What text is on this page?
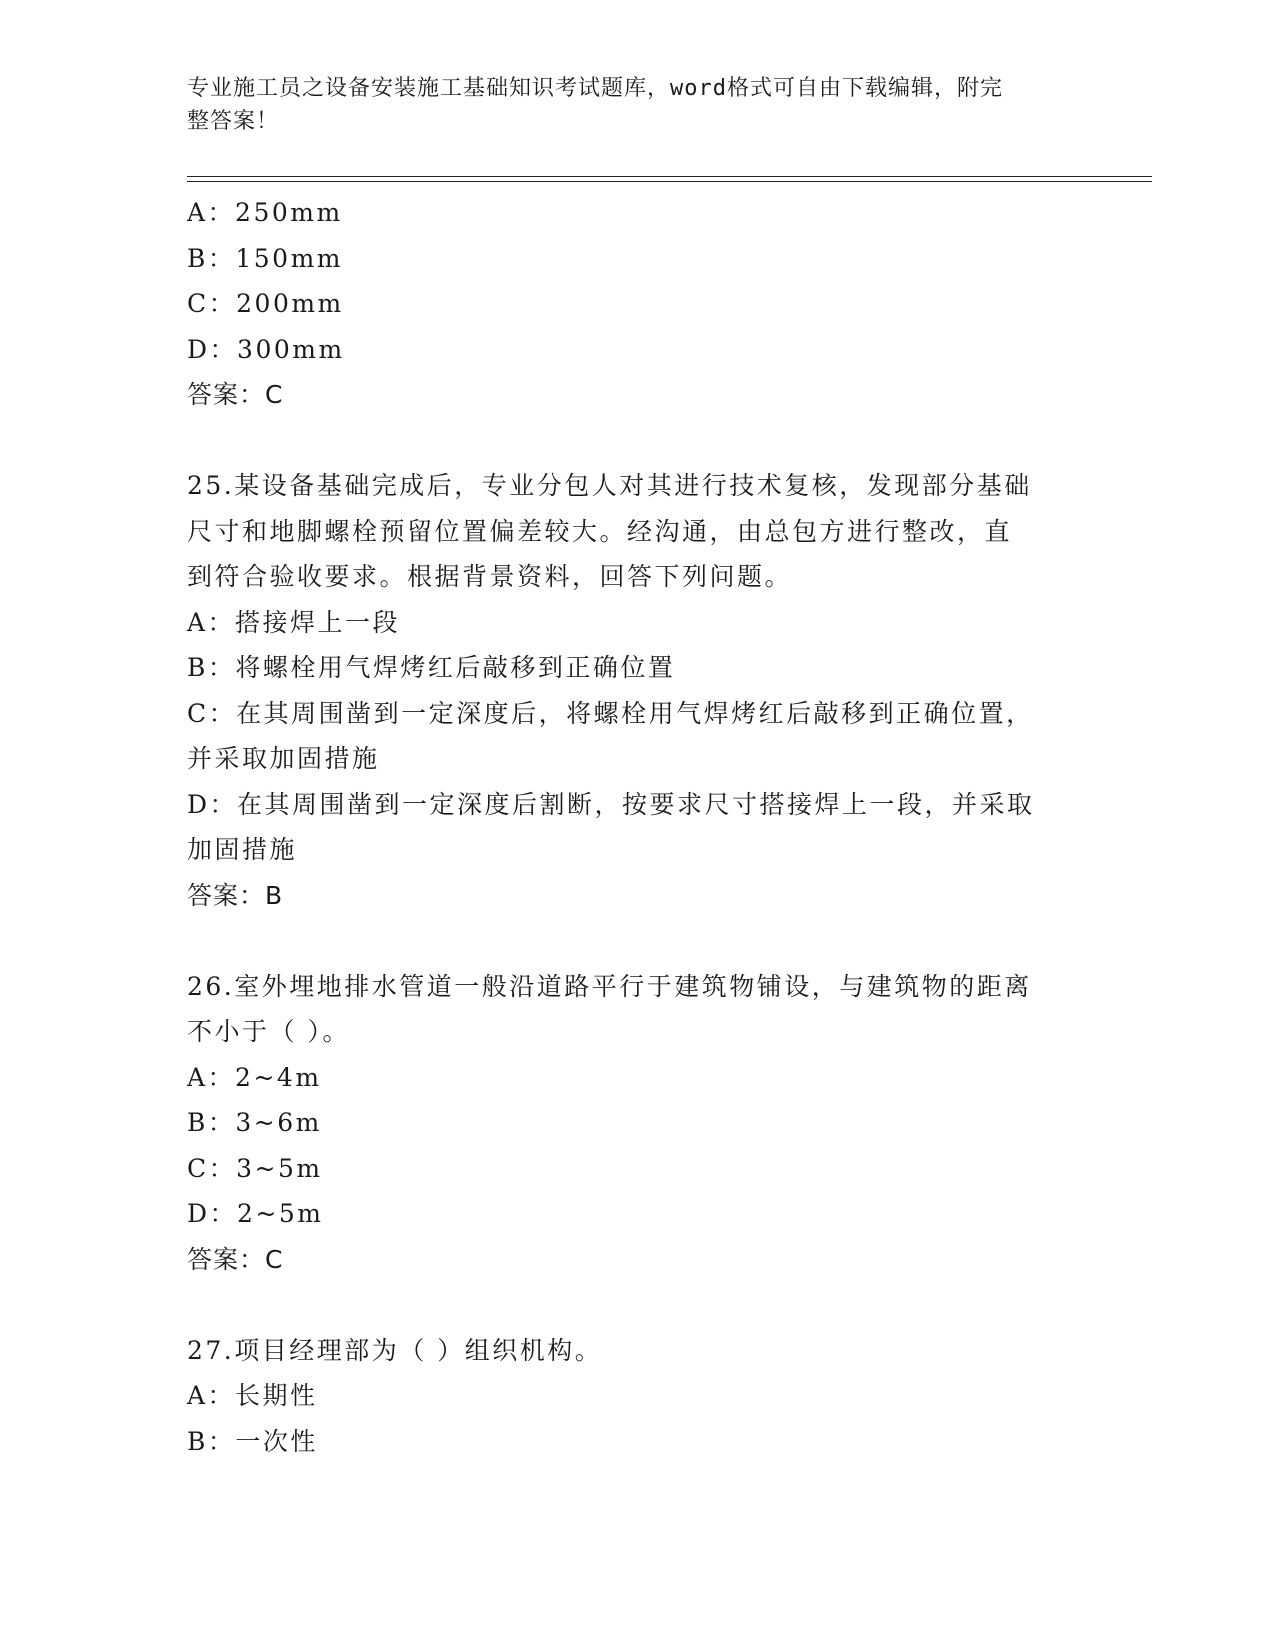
专业施工员之设备安装施工基础知识考试题库，word格式可自由下载编辑，附完
整答案！
A：250mm
B：150mm
C：200mm
D：300mm
答案：C
25.某设备基础完成后，专业分包人对其进行技术复核，发现部分基础
尺寸和地脚螺栓预留位置偏差较大。经沟通，由总包方进行整改，直
到符合验收要求。根据背景资料，回答下列问题。
A：搭接焊上一段
B：将螺栓用气焊烤红后敲移到正确位置
C：在其周围凿到一定深度后，将螺栓用气焊烤红后敲移到正确位置，
并采取加固措施
D：在其周围凿到一定深度后割断，按要求尺寸搭接焊上一段，并采取
加固措施
答案：B
26.室外埋地排水管道一般沿道路平行于建筑物铺设，与建筑物的距离
不小于（ ）。
A：2~4m
B：3~6m
C：3~5m
D：2~5m
答案：C
27.项目经理部为（ ）组织机构。
A：长期性
B：一次性
